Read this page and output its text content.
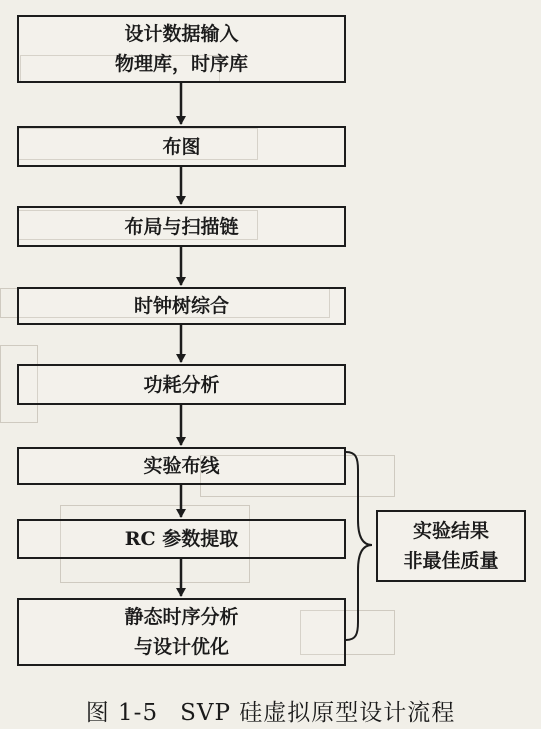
设计数据输入
物理库，时序库
布图
布局与扫描链
时钟树综合
功耗分析
实验布线
RC 参数提取
静态时序分析
与设计优化
实验结果
非最佳质量
图 1-5 SVP 硅虚拟原型设计流程
